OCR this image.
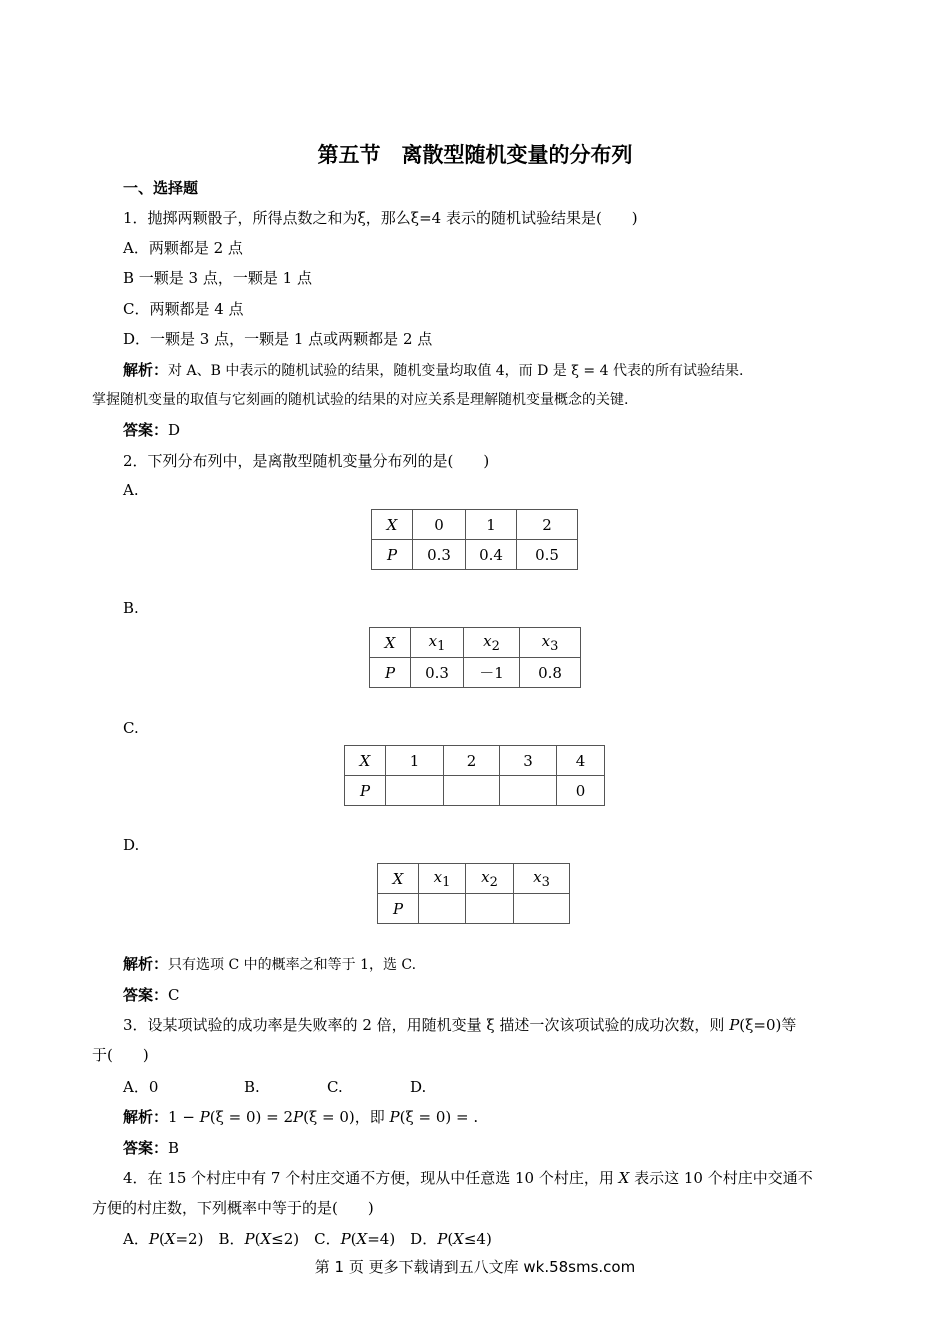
第五节　离散型随机变量的分布列
一、选择题
1．抛掷两颗骰子，所得点数之和为ξ，那么ξ=4 表示的随机试验结果是(　　)
A．两颗都是 2 点
B 一颗是 3 点，一颗是 1 点
C．两颗都是 4 点
D．一颗是 3 点，一颗是 1 点或两颗都是 2 点
解析：对 A、B 中表示的随机试验的结果，随机变量均取值 4，而 D 是 ξ = 4 代表的所有试验结果.
掌握随机变量的取值与它刻画的随机试验的结果的对应关系是理解随机变量概念的关键.
答案：D
2．下列分布列中，是离散型随机变量分布列的是(　　)
A.
X	0	1	2
P	0.3	0.4	0.5
B.
X	$x_1$	$x_2$	$x_3$
P	0.3	－1	0.8
C.
X	1	2	3	4
P				0
D.
X	$x_1$	$x_2$	$x_3$
P			
解析：只有选项 C 中的概率之和等于 1，选 C.
答案：C
3．设某项试验的成功率是失败率的 2 倍，用随机变量 ξ 描述一次该项试验的成功次数，则 P(ξ=0)等
于(　　)
A．0	B.	C.	D.
解析：1 − P(ξ = 0) = 2P(ξ = 0)，即 P(ξ = 0) = .
答案：B
4．在 15 个村庄中有 7 个村庄交通不方便，现从中任意选 10 个村庄，用 X 表示这 10 个村庄中交通不
方便的村庄数，下列概率中等于的是(　　)
A．P(X=2)　B．P(X≤2)　C．P(X=4)　D．P(X≤4)
第 1 页 更多下载请到五八文库 wk.58sms.com
